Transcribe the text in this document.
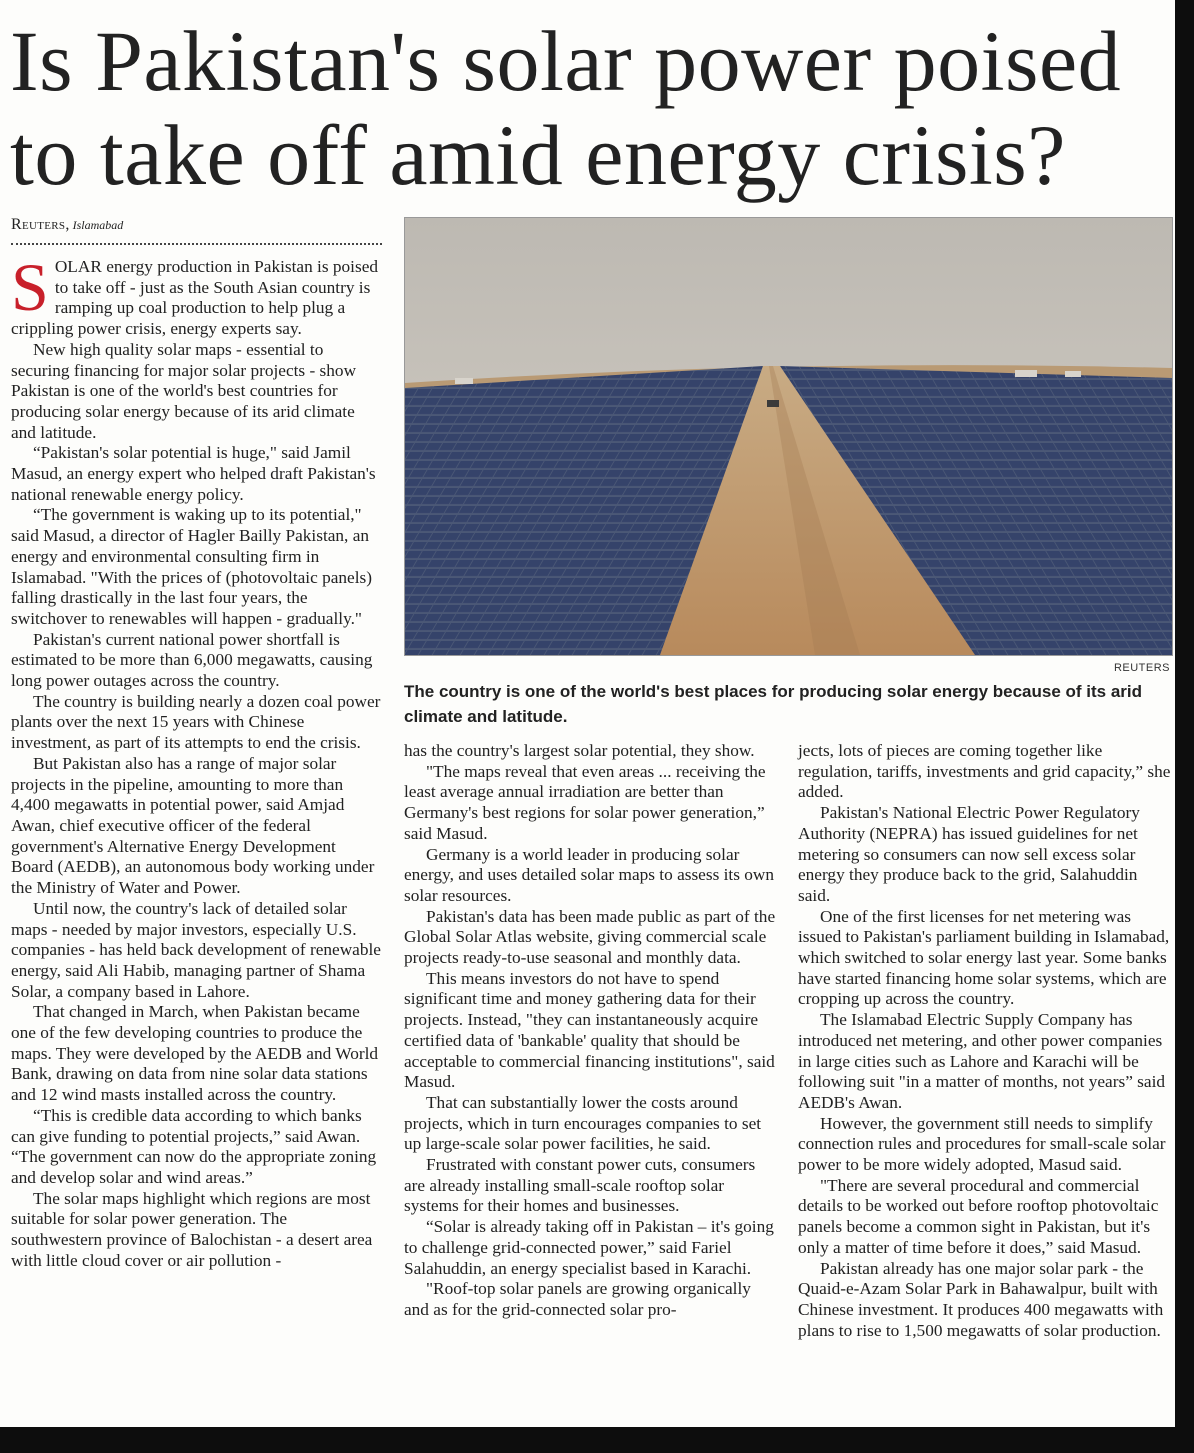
Is Pakistan's solar power poised to take off amid energy crisis?
Reuters, Islamabad

SOLAR energy production in Pakistan is poised to take off - just as the South Asian country is ramping up coal production to help plug a crippling power crisis, energy experts say.

New high quality solar maps - essential to securing financing for major solar projects - show Pakistan is one of the world's best countries for producing solar energy because of its arid climate and latitude.

“Pakistan's solar potential is huge," said Jamil Masud, an energy expert who helped draft Pakistan's national renewable energy policy.

“The government is waking up to its potential," said Masud, a director of Hagler Bailly Pakistan, an energy and environmental consulting firm in Islamabad. "With the prices of (photovoltaic panels) falling drastically in the last four years, the switchover to renewables will happen - gradually."

Pakistan's current national power shortfall is estimated to be more than 6,000 megawatts, causing long power outages across the country.

The country is building nearly a dozen coal power plants over the next 15 years with Chinese investment, as part of its attempts to end the crisis.

But Pakistan also has a range of major solar projects in the pipeline, amounting to more than 4,400 megawatts in potential power, said Amjad Awan, chief executive officer of the federal government's Alternative Energy Development Board (AEDB), an autonomous body working under the Ministry of Water and Power.

Until now, the country's lack of detailed solar maps - needed by major investors, especially U.S. companies - has held back development of renewable energy, said Ali Habib, managing partner of Shama Solar, a company based in Lahore.

That changed in March, when Pakistan became one of the few developing countries to produce the maps. They were developed by the AEDB and World Bank, drawing on data from nine solar data stations and 12 wind masts installed across the country.

“This is credible data according to which banks can give funding to potential projects,” said Awan. “The government can now do the appropriate zoning and develop solar and wind areas.”

The solar maps highlight which regions are most suitable for solar power generation. The southwestern province of Balochistan - a desert area with little cloud cover or air pollution -

REUTERS

The country is one of the world's best places for producing solar energy because of its arid climate and latitude.

has the country's largest solar potential, they show.

"The maps reveal that even areas ... receiving the least average annual irradiation are better than Germany's best regions for solar power generation,” said Masud.

Germany is a world leader in producing solar energy, and uses detailed solar maps to assess its own solar resources.

Pakistan's data has been made public as part of the Global Solar Atlas website, giving commercial scale projects ready-to-use seasonal and monthly data.

This means investors do not have to spend significant time and money gathering data for their projects. Instead, "they can instantaneously acquire certified data of 'bankable' quality that should be acceptable to commercial financing institutions", said Masud.

That can substantially lower the costs around projects, which in turn encourages companies to set up large-scale solar power facilities, he said.

Frustrated with constant power cuts, consumers are already installing small-scale rooftop solar systems for their homes and businesses.

“Solar is already taking off in Pakistan – it's going to challenge grid-connected power,” said Fariel Salahuddin, an energy specialist based in Karachi.

"Roof-top solar panels are growing organically and as for the grid-connected solar pro-

jects, lots of pieces are coming together like regulation, tariffs, investments and grid capacity,” she added.

Pakistan's National Electric Power Regulatory Authority (NEPRA) has issued guidelines for net metering so consumers can now sell excess solar energy they produce back to the grid, Salahuddin said.

One of the first licenses for net metering was issued to Pakistan's parliament building in Islamabad, which switched to solar energy last year. Some banks have started financing home solar systems, which are cropping up across the country.

The Islamabad Electric Supply Company has introduced net metering, and other power companies in large cities such as Lahore and Karachi will be following suit "in a matter of months, not years” said AEDB's Awan.

However, the government still needs to simplify connection rules and procedures for small-scale solar power to be more widely adopted, Masud said.

"There are several procedural and commercial details to be worked out before rooftop photovoltaic panels become a common sight in Pakistan, but it's only a matter of time before it does,” said Masud.

Pakistan already has one major solar park - the Quaid-e-Azam Solar Park in Bahawalpur, built with Chinese investment. It produces 400 megawatts with plans to rise to 1,500 megawatts of solar production.
